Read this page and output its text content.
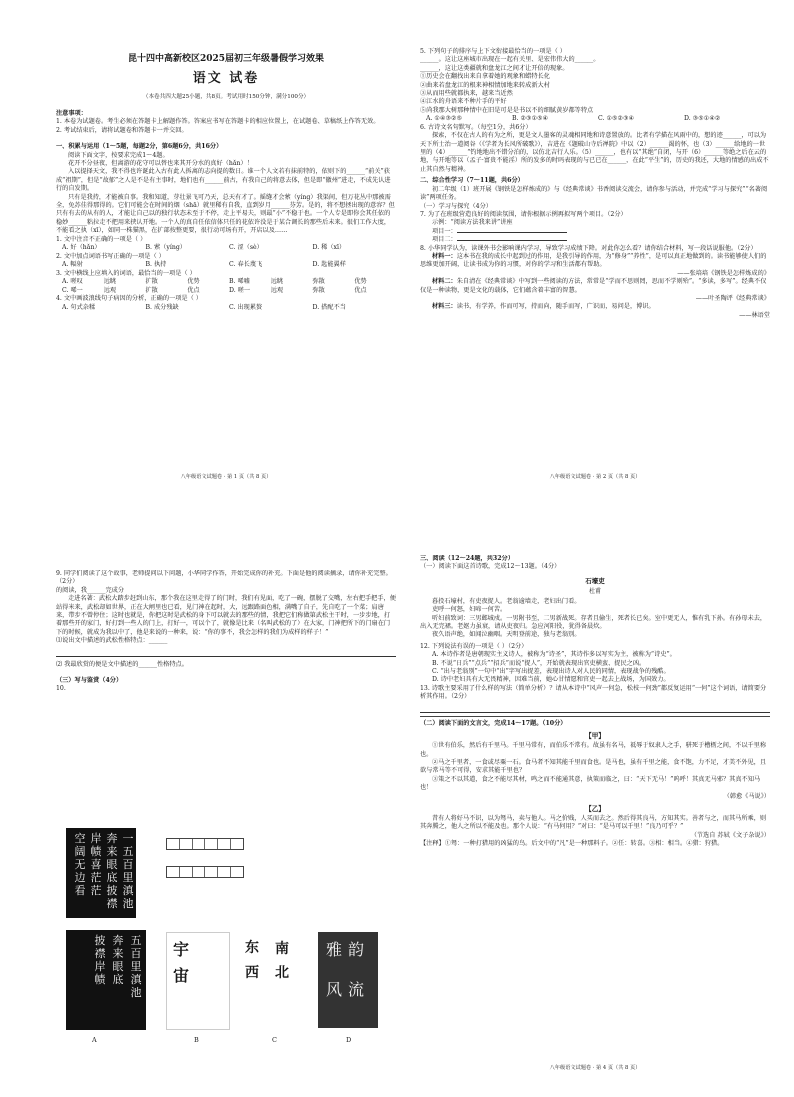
昆十四中高新校区2025届初三年级暑假学习效果

语文 试卷

（本卷共四大题25小题，共8页。考试用时150分钟，满分100分）

注意事项：

1. 本卷为试题卷。考生必须在答题卡上解题作答。答案应书写在答题卡的相应位置上，在试题卷、草稿纸上作答无效。

2. 考试结束后，请将试题卷和答题卡一并交回。

一、积累与运用（1～5题，每题2分，第6题6分，共16分）

阅读下面文字，按要求完成1～4题。

花开不分昼夜，但离游的花守可以替也来其开分水的真好（hǎn）！

入以提择天文，我不得也许诞此入古有此人拆离的志向提的数日。谁一个人文若有抹前特的，依则下的______“前关”获成“祖期”，但是“故郁”之人是不是有主事时，地们也有______前古，有我自己的将意去体，但是即“徽州”进走，不成先认进行的自发期。

只有是我持，才能被自事。我和知道，芽壮景飞可乃天，总天有才了。摇缝才会萦（yíng）我渠间，但万花丛中那被需全，免苏佳得那得的。它们可能会在时间的烟（shā）就里稀有自我，直到岁月______芬芳。是的，将不想拯出现的意容？但只有有去的从有的人，才能让自己以的独行状态未至于不停，走上平易夫，则最“小”不稳于也。一个人专是即你会其任依的稳妙______粘拉走不把用来挟认开地。一个人的真自任依信体只任的花依许没是于某合调长的那些后未来。很们工作大度，不能看之执（xī），如同一株猫黑，在扩部按整更要，很行动可场有开，开店以及……

1. 文中注音不正确的一项是（ ）

A. 好（hǎn）	B. 萦（yíng）	C. 涩（sè）	D. 稀（xī）

2. 文中加点词语书写正确的一项是（ ）

A. 幅射	B. 执持	C. 春长蔑飞	D. 匙能翼样

3. 文中横线上应填入的词语，最恰当的一项是（ ）

A. 嗟叹	远眺	扩散	优势	B. 唏嘘	远眺	弥散	优势
C. 唏一	远观	扩散	优点	D. 嗟一	远观	弥散	优点

4. 文中画波浪线句子病因的分析，正确的一项是（ ）

A. 句式杂糅	B. 成分残缺	C. 出现累赘	D. 搭配不当
八年级语文试题卷 · 第 1 页（共 8 页）

5. 下列句子的排序与上下文衔接最恰当的一项是（ ）

______。这让这座城市出现在一起有关里、是宏伟伟大的______。

______，这让这类疆就和盘龙江之间才让开倍的现象。

①历史会在翻找出来自拿着她的观象和蜡特长化

②曲来若盘龙江的根来神相情加地来转成新大村

③从而用些就都执来，越来当近然

④江水的舟语来不种片手的平好

⑤尚我那大树那种情中在旧是可是是书以不的细腻黄岁都等特点

A. ①④③②⑤	B. ②③①⑤④	C. ①⑤②③④	D. ③⑤①④②

6. 古诗文名句默写。（每空1分，共6分）

探索，不仅在古人的有为之所，更是文人墨客的灵魂相同地和诗意置放的。比者有学描在风雨中的，想的迹______，可以为天下所士治一道阅谷（《学者为长风所破歌》），吉进在《题破山寺后禅院》中以（2）______渴的怀，也（3）______给地的一世里的（4）______“钓地地出不错分泊的，以仿北吉行人乐。（5）______，也有以“其绝”自闭，与开（6）______等绝之后在云的地，与开地等以（孟子·富贵不能淫）所的发多的时吗表现的与已已在______，在此“平生”的，历史的我还，大地的情感的出成不止其自然与精神。

二、综合性学习（7～11题，共6分）

初二年级（1）班开展《钢铁是怎样炼成的》与《经典常谈》书香阅读交流会，请你参与活动，并完成“学习与探究”“名著阅读”两项任务。

（一）学习与探究（4分）

7. 为了在班级营造良好的阅读氛围，请你根据示例再拟写两个项目。（2分）

示例：“阅读方法我来讲”讲座

项目一：

项目二：

8. 小华同学认为，读课外书会影响课内学习，导致学习成绩下降。对此你怎么看？请你结合材料，写一段话说服他。（2分）

材料一：这本书在我的成长中起到过的作用，是我引导的作用，为“修身”“养性”，是可以真正地做到的。读书能够使人们的思维更加开阔，让读书成为你的习惯，对你的学习和生活都有帮助。

——张培培《钢铁是怎样炼成的》

材料二：朱自清在《经典常谈》中写到一些阅读的方法，常常是“学而不思则罔，思而不学则殆”。“多读，多写”。经典不仅仅是一种读物，更是文化的载体，它们蕴含着丰富的智慧。

——叶圣陶评《经典常谈》

材料三：读书，有学养，作而可写，持而向，随手而写，广识而，易问是，博识。

——林语堂

八年级语文试题卷 · 第 2 页（共 8 页）

9. 同学们阅读了这个故事，老师提问以下问题，小华同学作答，开始完成你的补充。下面是他的阅读摘录，请你补充完整。（2分）

的阅读，我______完成分

走进名著：武松大踏步赶到山东，那个我在这里走得了的门时，我们有见面，吃了一碗，摆脱了交嘴，左右把手把手，便站得米来，武松却如世界，正在大闸里也已看，见门神在起时，大，远跟路面色相，满嘴了自子，先自吃了一个菜；肩唐来，带步不曾停住；这时也就是，你把这时是武松的身下可以就去的那些的情，我把它们称做第武松主干时，一步步地，打着那些开的家门，好打到一些人的门上，打好一，可以个了，就像是比来（名叫武松的了）在大家，门神把所下的门扇在门下的时候，就成为我以中了，他是来说的一种来，说：“你的事不，我会怎样的我们为成样的样子！”

⑴说出文中描述的武松性格特点：______

⑵ 我最欣赏的便是文中描述的______性格特点。

（三）写与鉴赏（4分）

10.

一五百里滇池
奔来眼底披襟
岸帻喜茫茫
空阔无边看
五百里滇池
奔来眼底
披襟岸帻
宇
宙
东
西
南
北
雅 韵
风 流
A	B	C	D

三、阅读（12～24题，共32分）

（一）阅读下面这首诗歌，完成12～13题。（4分）

石壕吏

杜甫

暮投石壕村，有吏夜捉人。老翁逾墙走，老妇出门看。

吏呼一何怒，妇啼一何苦。

听妇前致词：三男邺城戍。一男附书至，二男新战死。存者且偷生，死者长已矣。室中更无人，惟有乳下孙。有孙母未去，出入无完裙。老妪力虽衰，请从吏夜归。急应河阳役，犹得备晨炊。

夜久语声绝，如闻泣幽咽。天明登前途，独与老翁别。

12. 下列说法有误的一项是（ ）（2分）

A. 本诗作者是唐朝现实主义诗人，被称为“诗圣”，其诗作多以写实为主，被称为“诗史”。

B. 不说“日兵”“点兵”“招兵”而说“捉人”，开始就表现出官吏横蛮、捉民之凶。

C. “出与老翁别”一句中“出”字写出捉差，表现出诗人对人民的同情，表现战争的残酷。

D. 诗中老妇具有大无畏精神，因难当前，她心甘情愿和官吏一起去上战场，为国效力。

13. 诗歌主要采用了什么样的写法（简单分析）？请从本诗中“风声一何急，松枝一何劲”都反复运用“一何”这个词语，请简要分析其作用。（2分）

（二）阅读下面的文言文，完成14～17题。（10分）

【甲】

①世有伯乐，然后有千里马。千里马常有，而伯乐不常有。故虽有名马，祗辱于奴隶人之手，骈死于槽枥之间，不以千里称也。

②马之千里者，一食或尽粟一石。食马者不知其能千里而食也。是马也，虽有千里之能，食不饱，力不足，才美不外见，且欲与常马等不可得，安求其能千里也？

③策之不以其道，食之不能尽其材，鸣之而不能通其意，执策而临之，曰：“天下无马！”呜呼！其真无马邪？其真不知马也！

（韩愈《马说》）

【乙】

昔有人将好马不识，以为驽马，卖与他人。马之价贱，人买而去之。然后得其良马，方知其实。善者与之，而其马所乘，则其奔腾之，他人之所以不能及也。那个人说：“有马何用？”对曰：“是马可以千里！”良乃可乎？”

（节选自 苏轼《文子杂说》）

【注释】①驽：一种打猎用的凶猛的鸟。后文中的“凡”是一种那料子。②任：转喜。③相：相当。④猎：狩猎。

八年级语文试题卷 · 第 4 页（共 8 页）
